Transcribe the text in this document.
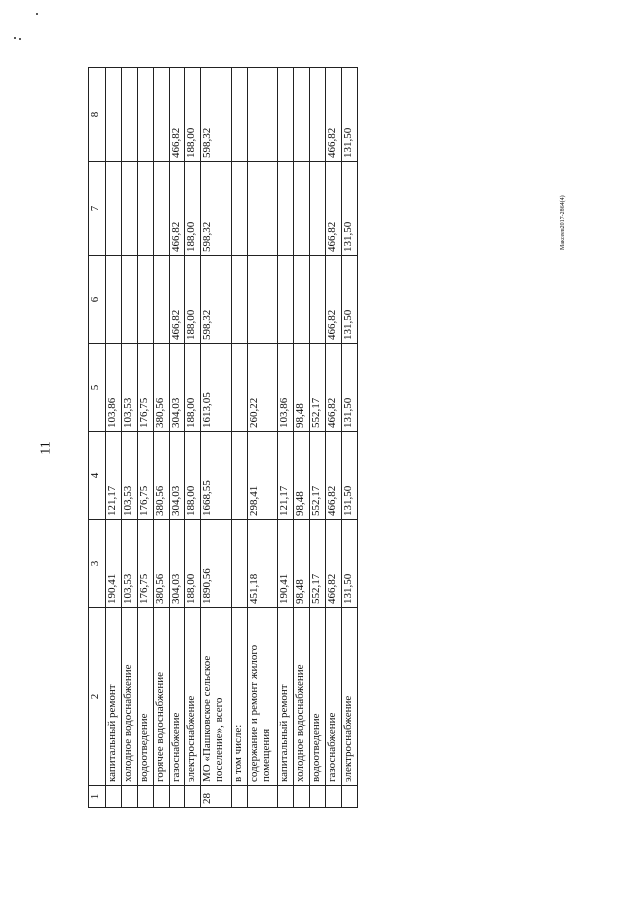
11
Максеев2017-2864(4)
1	2	3	4	5	6	7	8
	капитальный ремонт	190,41	121,17	103,86			
	холодное водоснабжение	103,53	103,53	103,53			
	водоотведение	176,75	176,75	176,75			
	горячее водоснабжение	380,56	380,56	380,56			
	газоснабжение	304,03	304,03	304,03	466,82	466,82	466,82
	электроснабжение	188,00	188,00	188,00	188,00	188,00	188,00
28	МО «Пашковское сельское поселение», всего	1890,56	1668,55	1613,05	598,32	598,32	598,32
	в том числе:						
	содержание и ремонт жилого помещения	451,18	298,41	260,22			
	капитальный ремонт	190,41	121,17	103,86			
	холодное водоснабжение	98,48	98,48	98,48			
	водоотведение	552,17	552,17	552,17			
	газоснабжение	466,82	466,82	466,82	466,82	466,82	466,82
	электроснабжение	131,50	131,50	131,50	131,50	131,50	131,50
